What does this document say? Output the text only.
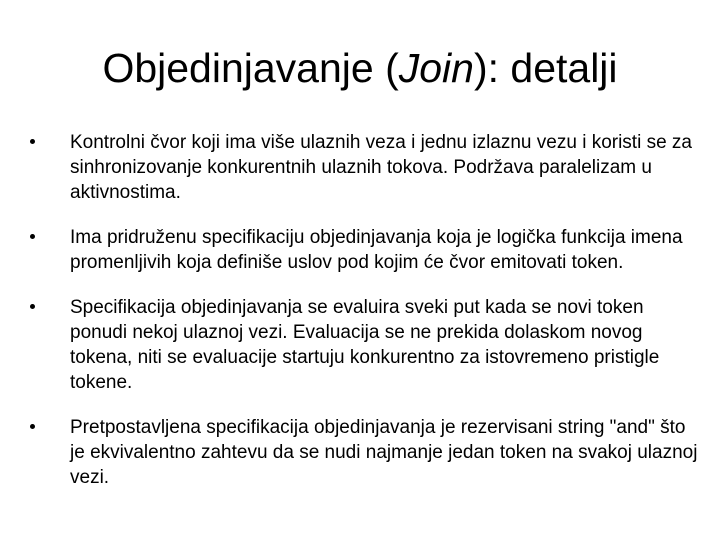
Objedinjavanje (Join): detalji
Kontrolni čvor koji ima više ulaznih veza i jednu izlaznu vezu i koristi se za sinhronizovanje konkurentnih ulaznih tokova. Podržava paralelizam u aktivnostima.
Ima pridruženu specifikaciju objedinjavanja koja je logička funkcija imena promenljivih koja definiše uslov pod kojim će čvor emitovati token.
Specifikacija objedinjavanja se evaluira sveki put kada se novi token ponudi nekoj ulaznoj vezi. Evaluacija se ne prekida dolaskom novog tokena, niti se evaluacije startuju konkurentno za istovremeno pristigle tokene.
Pretpostavljena specifikacija objedinjavanja je rezervisani string "and" što je ekvivalentno zahtevu da se nudi najmanje jedan token na svakoj ulaznoj vezi.
